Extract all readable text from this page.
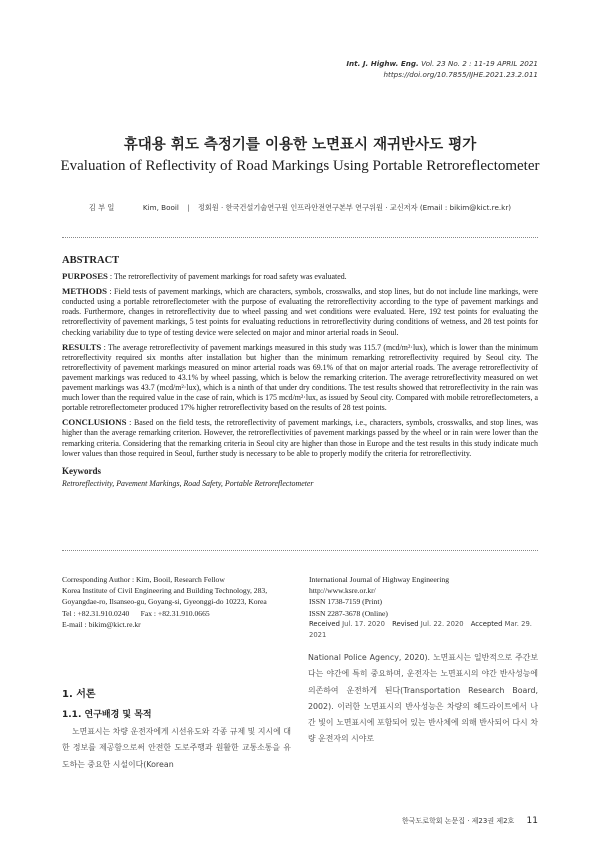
Int. J. Highw. Eng. Vol. 23 No. 2 : 11-19 APRIL 2021
https://doi.org/10.7855/IJHE.2021.23.2.011
휴대용 휘도 측정기를 이용한 노면표시 재귀반사도 평가
Evaluation of Reflectivity of Road Markings Using Portable Retroreflectometer
김 부 일	Kim, Booil | 정회원 · 한국건설기술연구원 인프라안전연구본부 연구위원 · 교신저자 (Email : bikim@kict.re.kr)
ABSTRACT

PURPOSES : The retroreflectivity of pavement markings for road safety was evaluated.

METHODS : Field tests of pavement markings, which are characters, symbols, crosswalks, and stop lines, but do not include line markings, were conducted using a portable retroreflectometer with the purpose of evaluating the retroreflectivity according to the type of pavement markings and roads. Furthermore, changes in retroreflectivity due to wheel passing and wet conditions were evaluated. Here, 192 test points for evaluating the retroreflectivity of pavement markings, 5 test points for evaluating reductions in retroreflectivity during conditions of wetness, and 28 test points for checking variability due to type of testing device were selected on major and minor arterial roads in Seoul.

RESULTS : The average retroreflectivity of pavement markings measured in this study was 115.7 (mcd/m²·lux), which is lower than the minimum retroreflectivity required six months after installation but higher than the minimum remarking retroreflectivity required by Seoul city. The retroreflectivity of pavement markings measured on minor arterial roads was 69.1% of that on major arterial roads. The average retroreflectivity of pavement markings was reduced to 43.1% by wheel passing, which is below the remarking criterion. The average retroreflectivity measured on wet pavement markings was 43.7 (mcd/m²·lux), which is a ninth of that under dry conditions. The test results showed that retroreflectivity in the rain was much lower than the required value in the case of rain, which is 175 mcd/m²·lux, as issued by Seoul city. Compared with mobile retroreflectometers, a portable retroreflectometer produced 17% higher retroreflectivity based on the results of 28 test points.

CONCLUSIONS : Based on the field tests, the retroreflectivity of pavement markings, i.e., characters, symbols, crosswalks, and stop lines, was higher than the average remarking criterion. However, the retroreflectivities of pavement markings passed by the wheel or in rain were lower than the remarking criteria. Considering that the remarking criteria in Seoul city are higher than those in Europe and the test results in this study indicate much lower values than those required in Seoul, further study is necessary to be able to properly modify the criteria for retroreflectivity.

Keywords

Retroreflectivity, Pavement Markings, Road Safety, Portable Retroreflectometer

Corresponding Author : Kim, Booil, Research Fellow
Korea Institute of Civil Engineering and Building Technology, 283,
Goyangdae-ro, Ilsanseo-gu, Goyang-si, Gyeonggi-do 10223, Korea
Tel : +82.31.910.0240      Fax : +82.31.910.0665
E-mail : bikim@kict.re.kr
International Journal of Highway Engineering
http://www.ksre.or.kr/
ISSN 1738-7159 (Print)
ISSN 2287-3678 (Online)
Received Jul. 17. 2020 Revised Jul. 22. 2020 Accepted Mar. 29. 2021
1. 서론
1.1. 연구배경 및 목적

노면표시는 차량 운전자에게 시선유도와 각종 규제 및 지시에 대한 정보를 제공함으로써 안전한 도로주행과 원활한 교통소통을 유도하는 중요한 시설이다(Korean

National Police Agency, 2020). 노면표시는 일반적으로 주간보다는 야간에 특히 중요하며, 운전자는 노면표시의 야간 반사성능에 의존하여 운전하게 된다(Transportation Research Board, 2002). 이러한 노면표시의 반사성능은 차량의 헤드라이트에서 나간 빛이 노면표시에 포함되어 있는 반사체에 의해 반사되어 다시 차량 운전자의 시야로

한국도로학회 논문집 · 제23권 제2호 11
